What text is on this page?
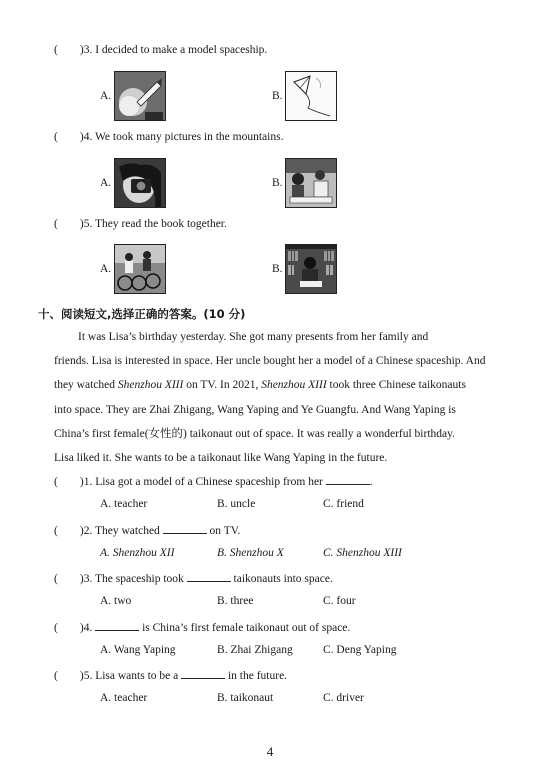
( )3. I decided to make a model spaceship.
A.	B.
( )4. We took many pictures in the mountains.
A.	B.
( )5. They read the book together.
A.	B.
十、阅读短文,选择正确的答案。(10 分)
It was Lisa’s birthday yesterday. She got many presents from her family and
friends. Lisa is interested in space. Her uncle bought her a model of a Chinese spaceship. And
they watched Shenzhou XIII on TV. In 2021, Shenzhou XIII took three Chinese taikonauts
into space. They are Zhai Zhigang, Wang Yaping and Ye Guangfu. And Wang Yaping is
China’s first female(女性的) taikonaut out of space. It was really a wonderful birthday.
Lisa liked it. She wants to be a taikonaut like Wang Yaping in the future.
( )1. Lisa got a model of a Chinese spaceship from her	.
A. teacher	B. uncle	C. friend
( )2. They watched	on TV.
A. Shenzhou XII	B. Shenzhou X	C. Shenzhou XIII
( )3. The spaceship took	taikonauts into space.
A. two	B. three	C. four
( )4.	is China’s first female taikonaut out of space.
A. Wang Yaping	B. Zhai Zhigang	C. Deng Yaping
( )5. Lisa wants to be a	in the future.
A. teacher	B. taikonaut	C. driver
4
